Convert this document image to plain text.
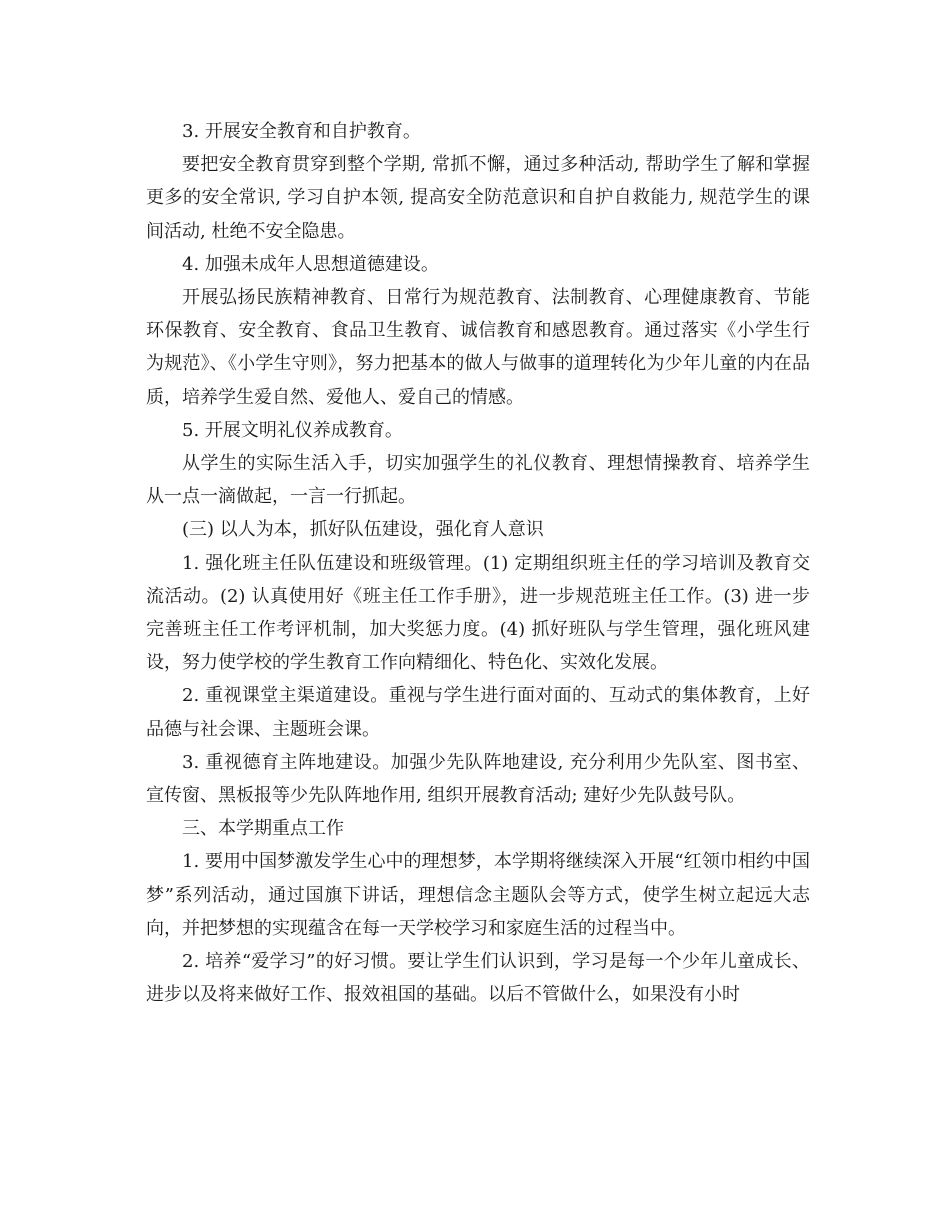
3. 开展安全教育和自护教育。

要把安全教育贯穿到整个学期, 常抓不懈，通过多种活动, 帮助学生了解和掌握更多的安全常识, 学习自护本领, 提高安全防范意识和自护自救能力, 规范学生的课间活动, 杜绝不安全隐患。

4. 加强未成年人思想道德建设。

开展弘扬民族精神教育、日常行为规范教育、法制教育、心理健康教育、节能环保教育、安全教育、食品卫生教育、诚信教育和感恩教育。通过落实《小学生行为规范》、《小学生守则》，努力把基本的做人与做事的道理转化为少年儿童的内在品质，培养学生爱自然、爱他人、爱自己的情感。

5. 开展文明礼仪养成教育。

从学生的实际生活入手，切实加强学生的礼仪教育、理想情操教育、培养学生从一点一滴做起，一言一行抓起。

(三) 以人为本，抓好队伍建设，强化育人意识

1. 强化班主任队伍建设和班级管理。(1) 定期组织班主任的学习培训及教育交流活动。(2) 认真使用好《班主任工作手册》，进一步规范班主任工作。(3) 进一步完善班主任工作考评机制，加大奖惩力度。(4) 抓好班队与学生管理，强化班风建设，努力使学校的学生教育工作向精细化、特色化、实效化发展。

2. 重视课堂主渠道建设。重视与学生进行面对面的、互动式的集体教育，上好品德与社会课、主题班会课。

3. 重视德育主阵地建设。加强少先队阵地建设, 充分利用少先队室、图书室、宣传窗、黑板报等少先队阵地作用, 组织开展教育活动; 建好少先队鼓号队。

三、本学期重点工作

1. 要用中国梦激发学生心中的理想梦，本学期将继续深入开展“红领巾相约中国梦”系列活动，通过国旗下讲话，理想信念主题队会等方式，使学生树立起远大志向，并把梦想的实现蕴含在每一天学校学习和家庭生活的过程当中。

2. 培养“爱学习”的好习惯。要让学生们认识到，学习是每一个少年儿童成长、进步以及将来做好工作、报效祖国的基础。以后不管做什么，如果没有小时
